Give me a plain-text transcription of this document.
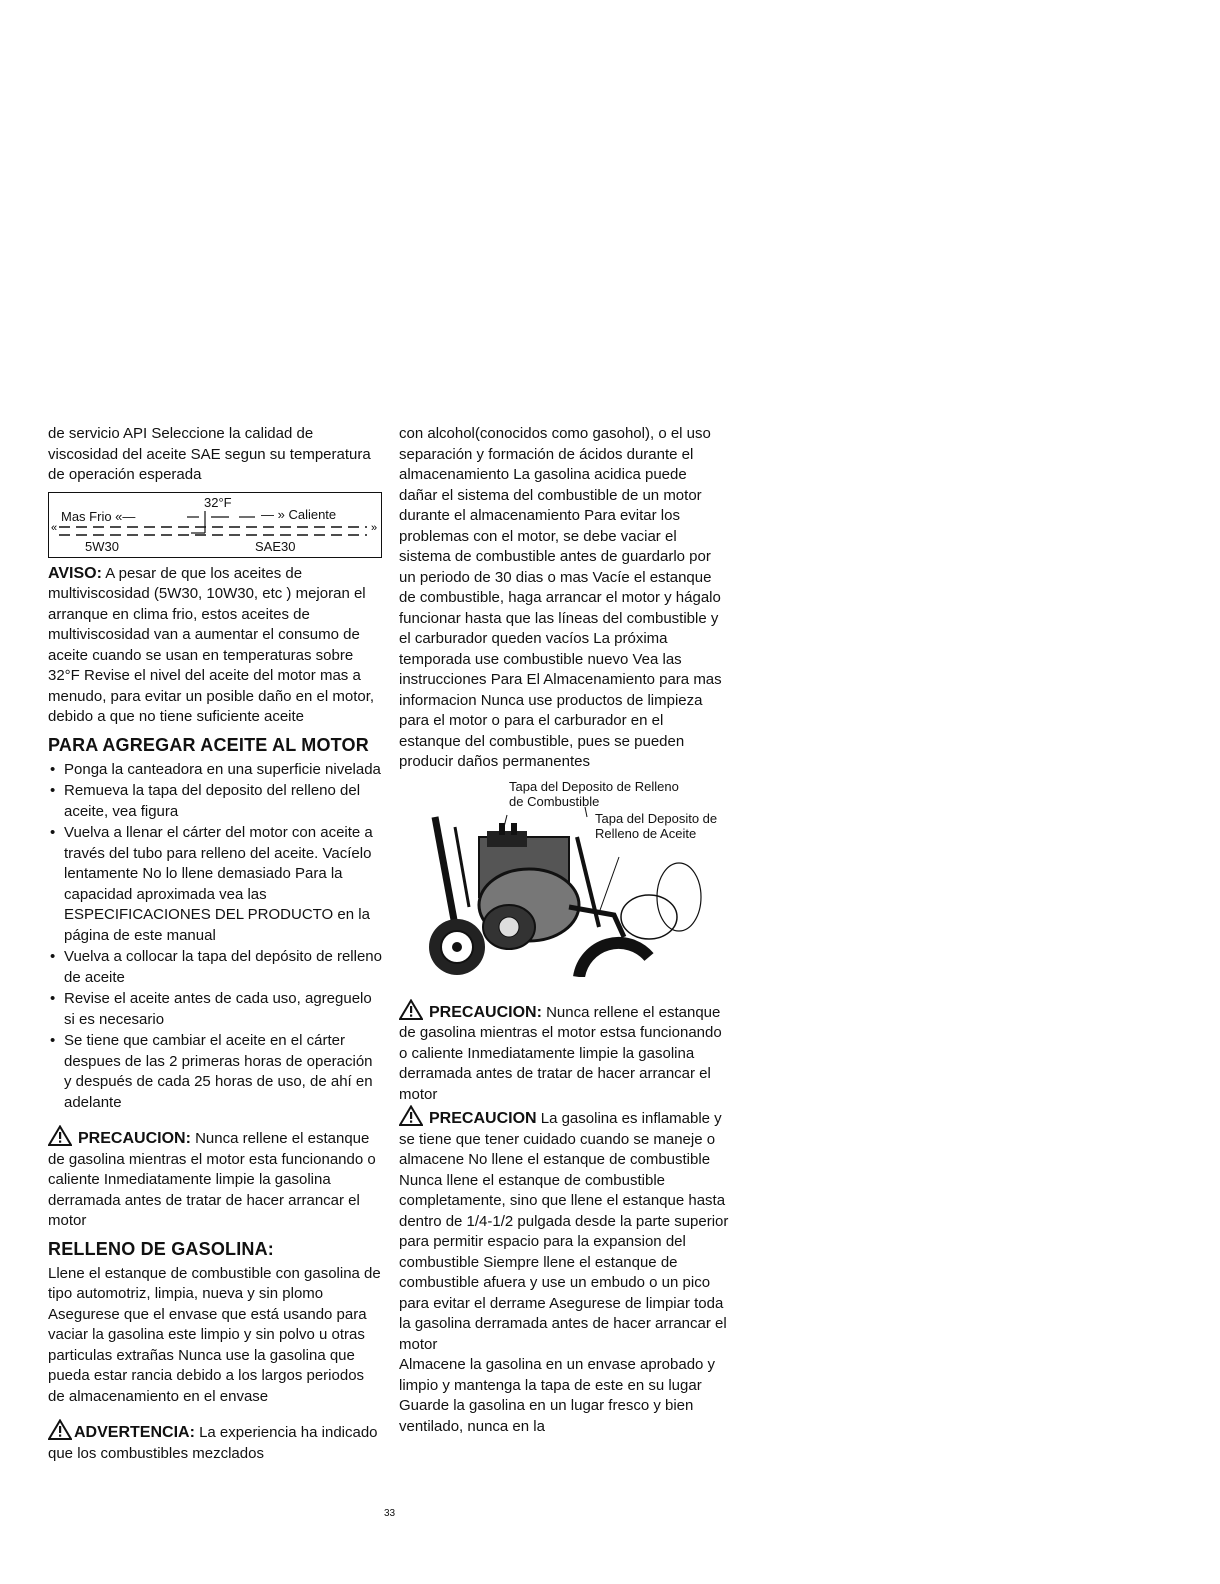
de servicio API Seleccione la calidad de viscosidad del aceite SAE segun su temperatura de operación esperada

«	»
32°F
Mas Frio «—	— » Caliente
5W30	SAE30

AVISO: A pesar de que los aceites de multiviscosidad (5W30, 10W30, etc ) mejoran el arranque en clima frio, estos aceites de multiviscosidad van a aumentar el consumo de aceite cuando se usan en temperaturas sobre 32°F Revise el nivel del aceite del motor mas a menudo, para evitar un posible daño en el motor, debido a que no tiene suficiente aceite

PARA AGREGAR ACEITE AL MOTOR
• Ponga la canteadora en una superficie nivelada
• Remueva la tapa del deposito del relleno del aceite, vea figura
• Vuelva a llenar el cárter del motor con aceite a través del tubo para relleno del aceite. Vacíelo lentamente No lo llene demasiado Para la capacidad aproximada vea las ESPECIFICACIONES DEL PRODUCTO en la página de este manual
• Vuelva a collocar la tapa del depósito de relleno de aceite
• Revise el aceite antes de cada uso, agreguelo si es necesario
• Se tiene que cambiar el aceite en el cárter despues de las 2 primeras horas de operación y después de cada 25 horas de uso, de ahí en adelante

PRECAUCION: Nunca rellene el estanque de gasolina mientras el motor esta funcionando o caliente Inmediatamente limpie la gasolina derramada antes de tratar de hacer arrancar el motor

RELLENO DE GASOLINA:

Llene el estanque de combustible con gasolina de tipo automotriz, limpia, nueva y sin plomo Asegurese que el envase que está usando para vaciar la gasolina este limpio y sin polvo u otras particulas extrañas Nunca use la gasolina que pueda estar rancia debido a los largos periodos de almacenamiento en el envase

ADVERTENCIA: La experiencia ha indicado que los combustibles mezclados

con alcohol(conocidos como gasohol), o el uso separación y formación de ácidos durante el almacenamiento La gasolina acidica puede dañar el sistema del combustible de un motor durante el almacenamiento Para evitar los problemas con el motor, se debe vaciar el sistema de combustible antes de guardarlo por un periodo de 30 dias o mas Vacíe el estanque de combustible, haga arrancar el motor y hágalo funcionar hasta que las líneas del combustible y el carburador queden vacíos La próxima temporada use combustible nuevo Vea las instrucciones Para El Almacenamiento para mas informacion Nunca use productos de limpieza para el motor o para el carburador en el estanque del combustible, pues se pueden producir daños permanentes

Tapa del Deposito de Relleno de Combustible
Tapa del Deposito de Relleno de Aceite

PRECAUCION: Nunca rellene el estanque de gasolina mientras el motor estsa funcionando o caliente Inmediatamente limpie la gasolina derramada antes de tratar de hacer arrancar el motor

PRECAUCION La gasolina es inflamable y se tiene que tener cuidado cuando se maneje o almacene No llene el estanque de combustible Nunca llene el estanque de combustible completamente, sino que llene el estanque hasta dentro de 1/4-1/2 pulgada desde la parte superior para permitir espacio para la expansion del combustible Siempre llene el estanque de combustible afuera y use un embudo o un pico para evitar el derrame Asegurese de limpiar toda la gasolina derramada antes de hacer arrancar el motor

Almacene la gasolina en un envase aprobado y limpio y mantenga la tapa de este en su lugar Guarde la gasolina en un lugar fresco y bien ventilado, nunca en la

33
